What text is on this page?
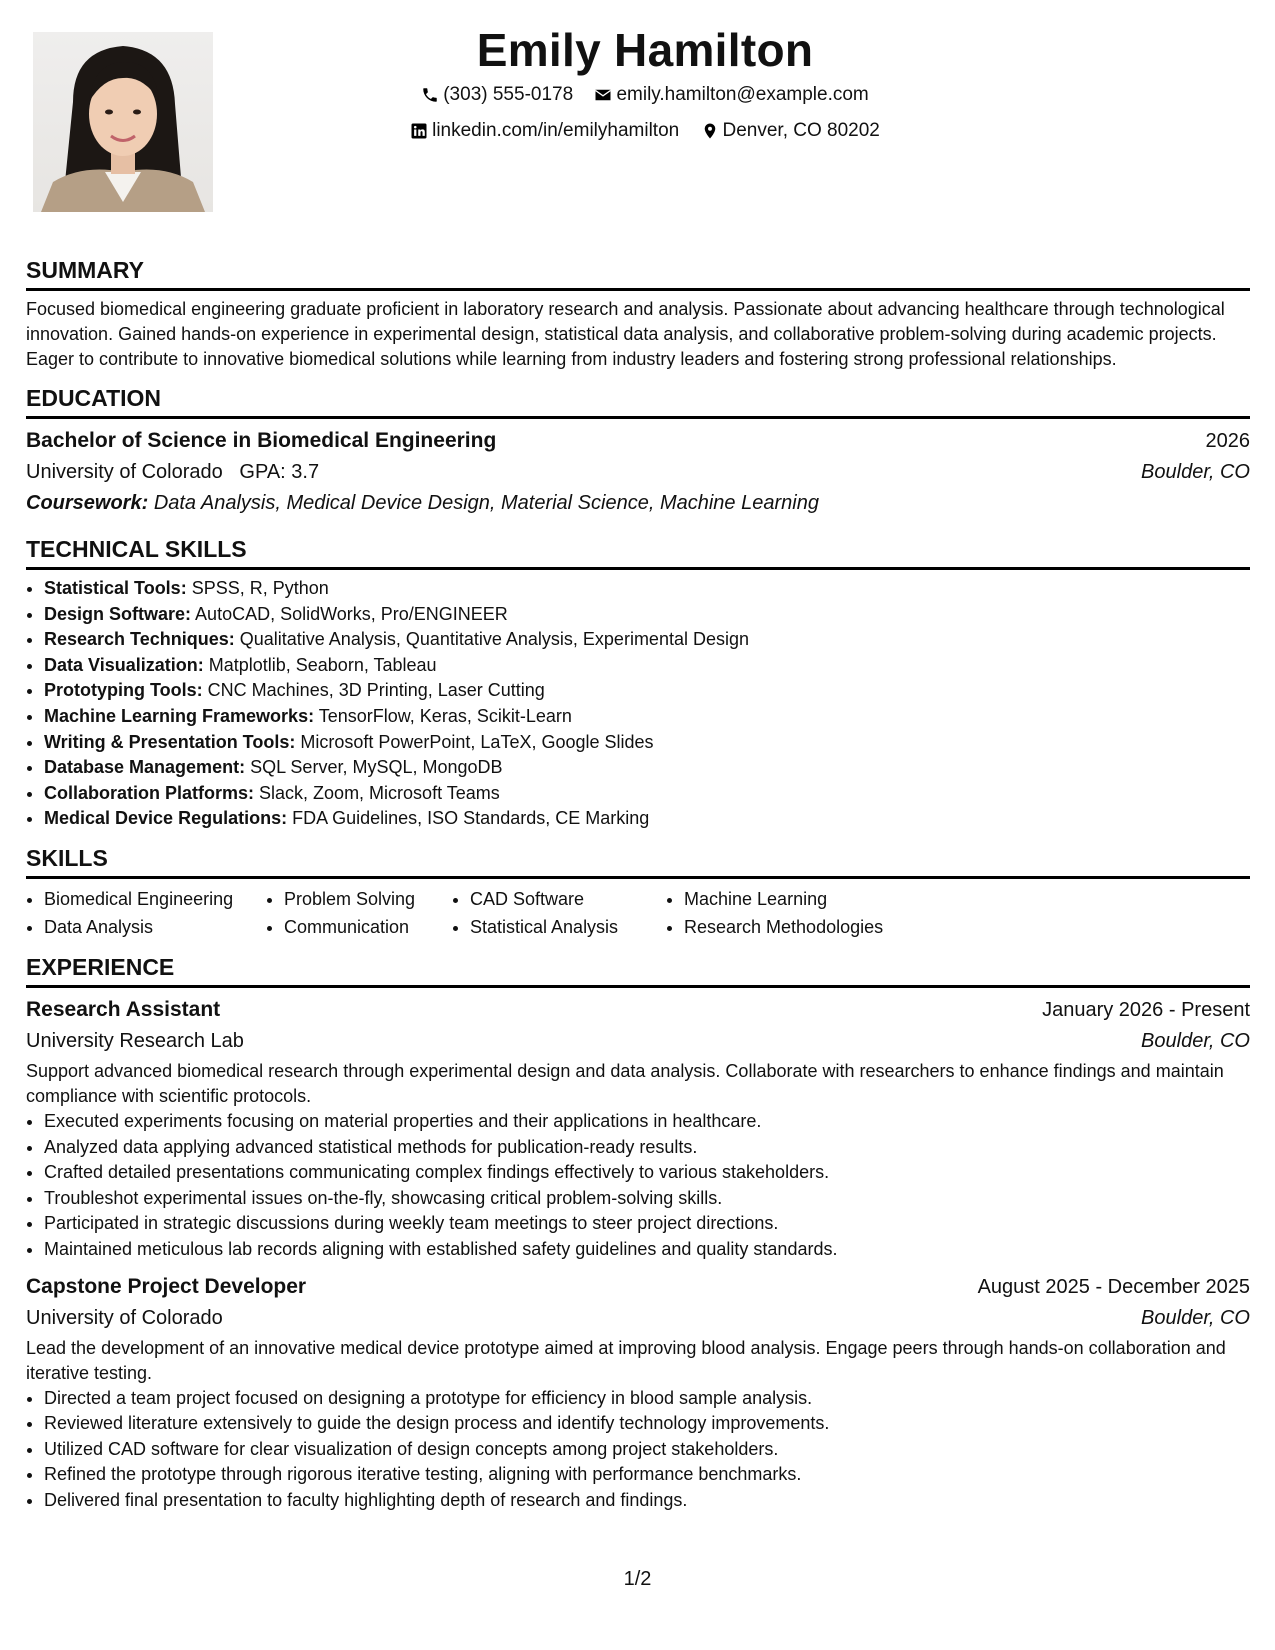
Emily Hamilton
(303) 555-0178
emily.hamilton@example.com
linkedin.com/in/emilyhamilton
Denver, CO 80202
SUMMARY

Focused biomedical engineering graduate proficient in laboratory research and analysis. Passionate about advancing healthcare through technological innovation. Gained hands-on experience in experimental design, statistical data analysis, and collaborative problem-solving during academic projects. Eager to contribute to innovative biomedical solutions while learning from industry leaders and fostering strong professional relationships.

EDUCATION
Bachelor of Science in Biomedical Engineering	2026
University of Colorado GPA: 3.7	Boulder, CO
Coursework: Data Analysis, Medical Device Design, Material Science, Machine Learning
TECHNICAL SKILLS
• Statistical Tools: SPSS, R, Python
• Design Software: AutoCAD, SolidWorks, Pro/ENGINEER
• Research Techniques: Qualitative Analysis, Quantitative Analysis, Experimental Design
• Data Visualization: Matplotlib, Seaborn, Tableau
• Prototyping Tools: CNC Machines, 3D Printing, Laser Cutting
• Machine Learning Frameworks: TensorFlow, Keras, Scikit-Learn
• Writing & Presentation Tools: Microsoft PowerPoint, LaTeX, Google Slides
• Database Management: SQL Server, MySQL, MongoDB
• Collaboration Platforms: Slack, Zoom, Microsoft Teams
• Medical Device Regulations: FDA Guidelines, ISO Standards, CE Marking
SKILLS
• Biomedical Engineering
• Data Analysis
• Problem Solving
• Communication
• CAD Software
• Statistical Analysis
• Machine Learning
• Research Methodologies
EXPERIENCE
Research Assistant	January 2026 - Present
University Research Lab	Boulder, CO

Support advanced biomedical research through experimental design and data analysis. Collaborate with researchers to enhance findings and maintain compliance with scientific protocols.

• Executed experiments focusing on material properties and their applications in healthcare.
• Analyzed data applying advanced statistical methods for publication-ready results.
• Crafted detailed presentations communicating complex findings effectively to various stakeholders.
• Troubleshot experimental issues on-the-fly, showcasing critical problem-solving skills.
• Participated in strategic discussions during weekly team meetings to steer project directions.
• Maintained meticulous lab records aligning with established safety guidelines and quality standards.
Capstone Project Developer	August 2025 - December 2025
University of Colorado	Boulder, CO

Lead the development of an innovative medical device prototype aimed at improving blood analysis. Engage peers through hands-on collaboration and iterative testing.

• Directed a team project focused on designing a prototype for efficiency in blood sample analysis.
• Reviewed literature extensively to guide the design process and identify technology improvements.
• Utilized CAD software for clear visualization of design concepts among project stakeholders.
• Refined the prototype through rigorous iterative testing, aligning with performance benchmarks.
• Delivered final presentation to faculty highlighting depth of research and findings.
1/2
